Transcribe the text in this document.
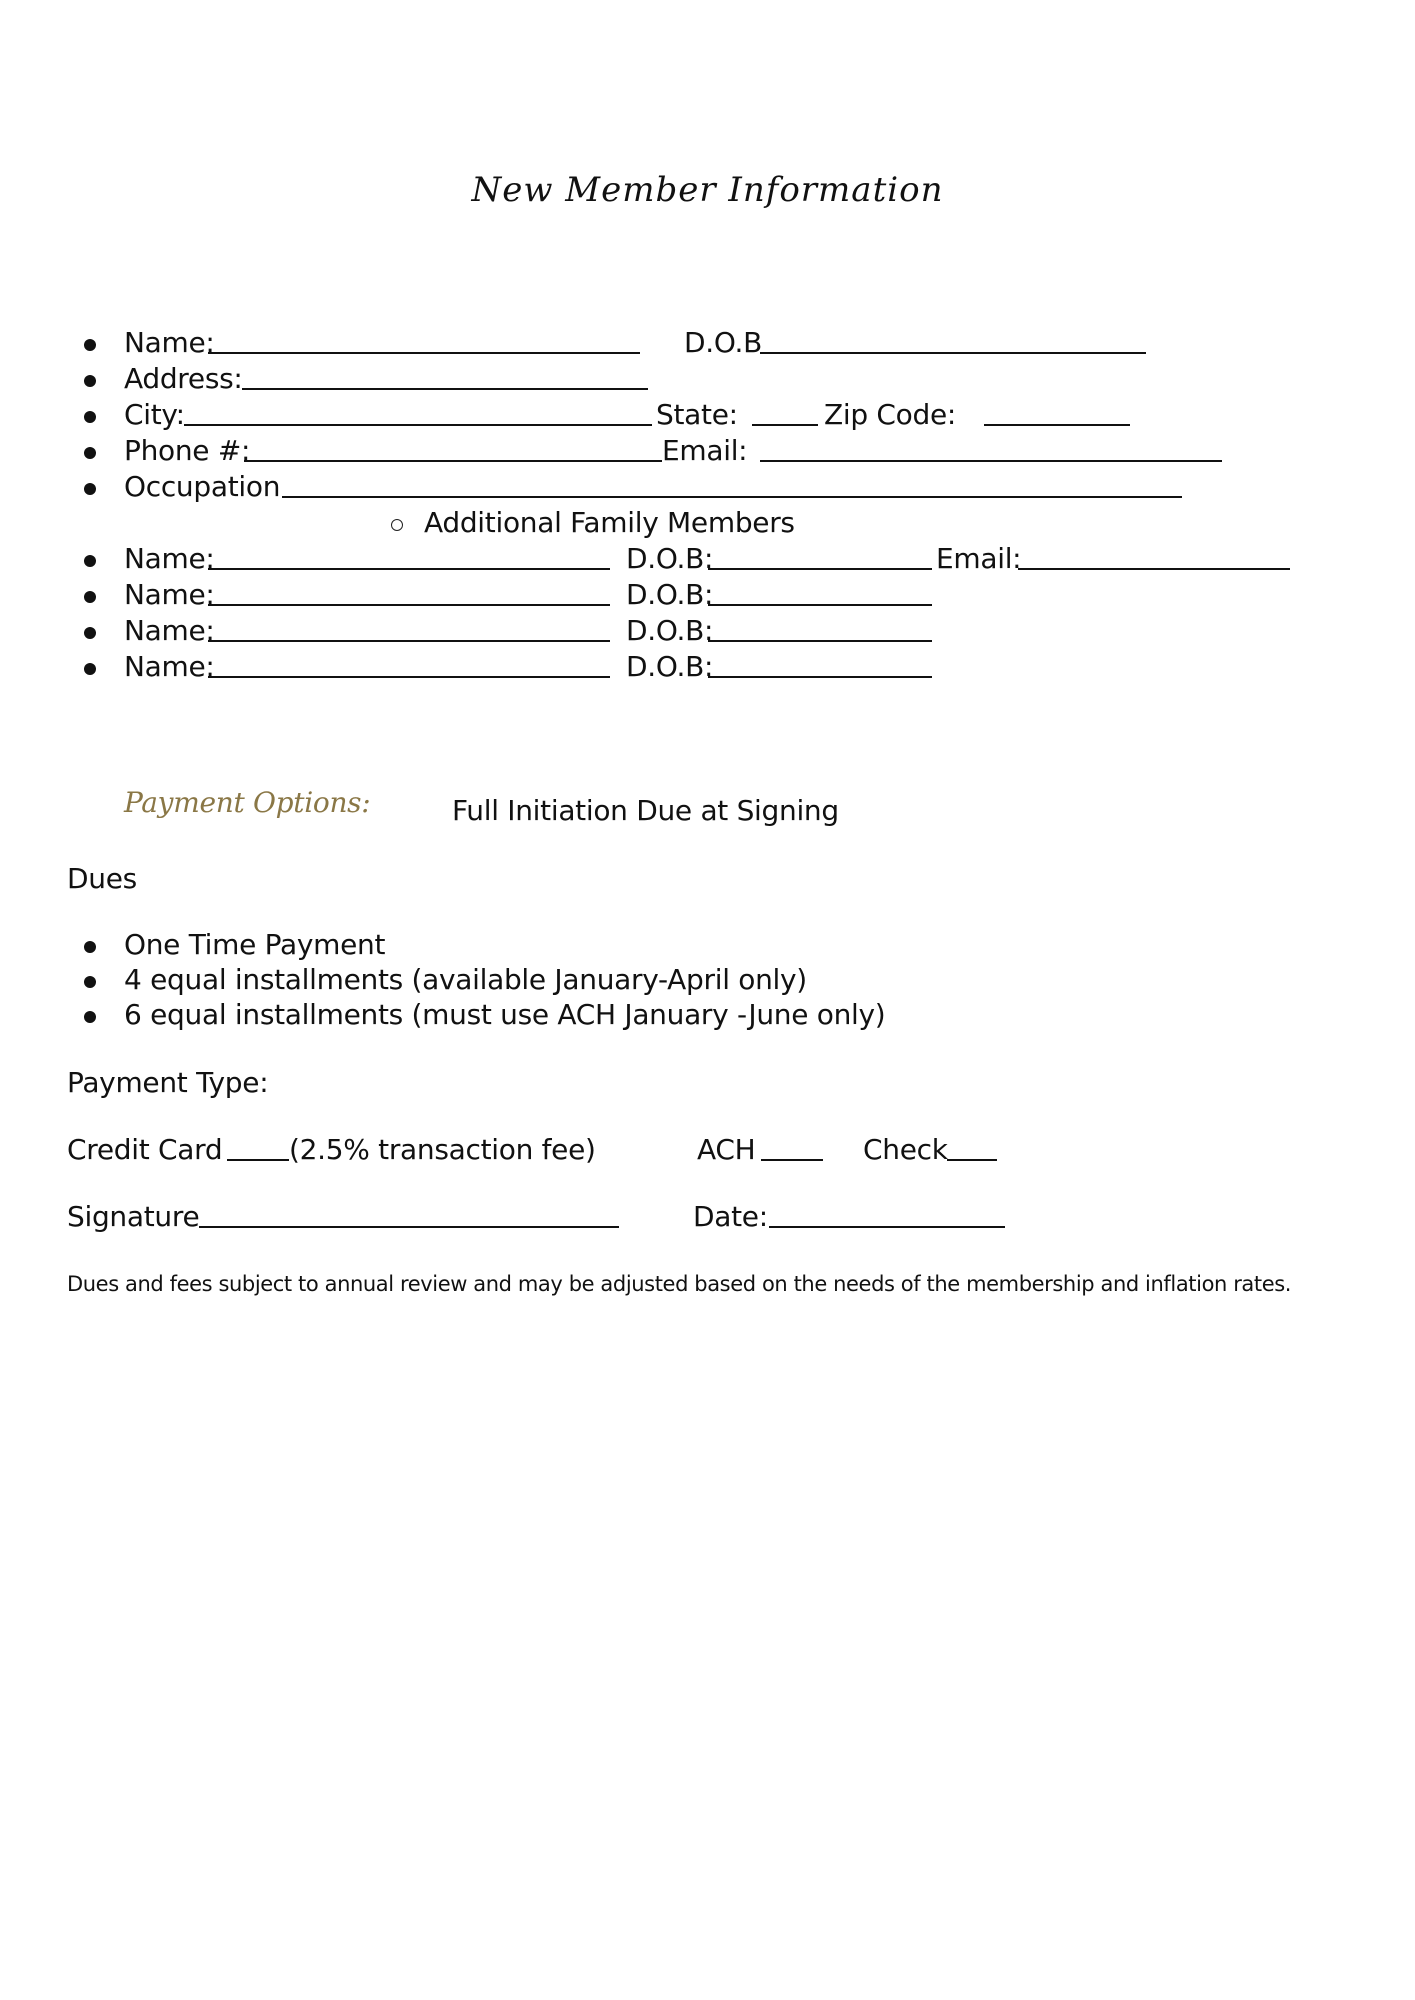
New Member Information
Name:	D.O.B
Address:
City:	State:	Zip Code:
Phone #:	Email:
Occupation
Additional Family Members
Name:	D.O.B:	Email:
Name:	D.O.B:
Name:	D.O.B:
Name:	D.O.B:
Payment Options:	Full Initiation Due at Signing
Dues
One Time Payment
4 equal installments (available January-April only)
6 equal installments (must use ACH January -June only)
Payment Type:
Credit Card (2.5% transaction fee)	ACH	Check
Signature	Date:
Dues and fees subject to annual review and may be adjusted based on the needs of the membership and inflation rates.
